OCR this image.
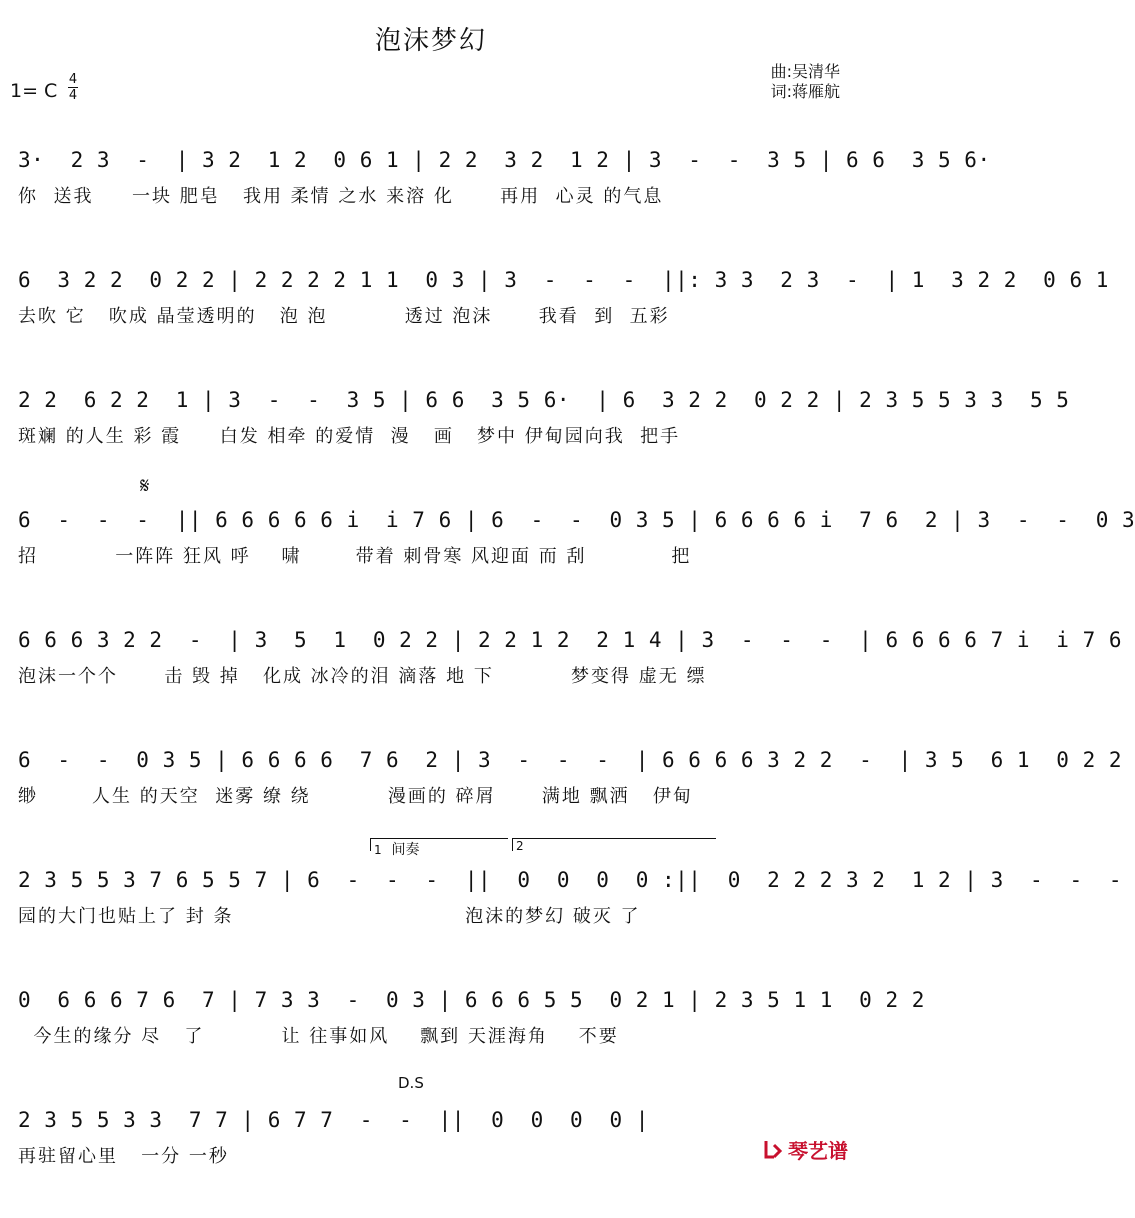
泡沫梦幻
1= C
4
4
曲:吴清华
词:蒋雁航
3·  2 3  -  | 3 2  1 2  0 6 1 | 2 2  3 2  1 2 | 3  -  -  3 5 | 6 6  3 5 6·
你  送我     一块 肥皂   我用 柔情 之水 来溶 化      再用  心灵 的气息
6  3 2 2  0 2 2 | 2 2 2 2 1 1  0 3 | 3  -  -  -  ||: 3 3  2 3  -  | 1  3 2 2  0 6 1
去吹 它   吹成 晶莹透明的   泡 泡          透过 泡沫      我看  到  五彩
2 2  6 2 2  1 | 3  -  -  3 5 | 6 6  3 5 6·  | 6  3 2 2  0 2 2 | 2 3 5 5 3 3  5 5
斑斓 的人生 彩 霞     白发 相牵 的爱情  漫   画   梦中 伊甸园向我  把手
𝄋
6  -  -  -  || 6 6 6 6 6 i  i 7 6 | 6  -  -  0 3 5 | 6 6 6 6 i  7 6  2 | 3  -  -  0 3
招          一阵阵 狂风 呼    啸       带着 刺骨寒 风迎面 而 刮           把
6 6 6 3 2 2  -  | 3  5  1  0 2 2 | 2 2 1 2  2 1 4 | 3  -  -  -  | 6 6 6 6 7 i  i 7 6
泡沫一个个      击 毁 掉   化成 冰冷的泪 滴落 地 下          梦变得 虚无 缥
6  -  -  0 3 5 | 6 6 6 6  7 6  2 | 3  -  -  -  | 6 6 6 6 3 2 2  -  | 3 5  6 1  0 2 2
缈       人生 的天空  迷雾 缭 绕          漫画的 碎屑      满地 飘洒   伊甸
1 间奏	2
2 3 5 5 3 7 6 5 5 7 | 6  -  -  -  ||  0  0  0  0 :||  0  2 2 2 3 2  1 2 | 3  -  -  -
园的大门也贴上了 封 条                              泡沫的梦幻 破灭 了
0  6 6 6 7 6  7 | 7 3 3  -  0 3 | 6 6 6 5 5  0 2 1 | 2 3 5 1 1  0 2 2
今生的缘分 尽   了          让 往事如风    飘到 天涯海角    不要
D.S
2 3 5 5 3 3  7 7 | 6 7 7  -  -  ||  0  0  0  0 |
再驻留心里   一分 一秒	琴艺谱
